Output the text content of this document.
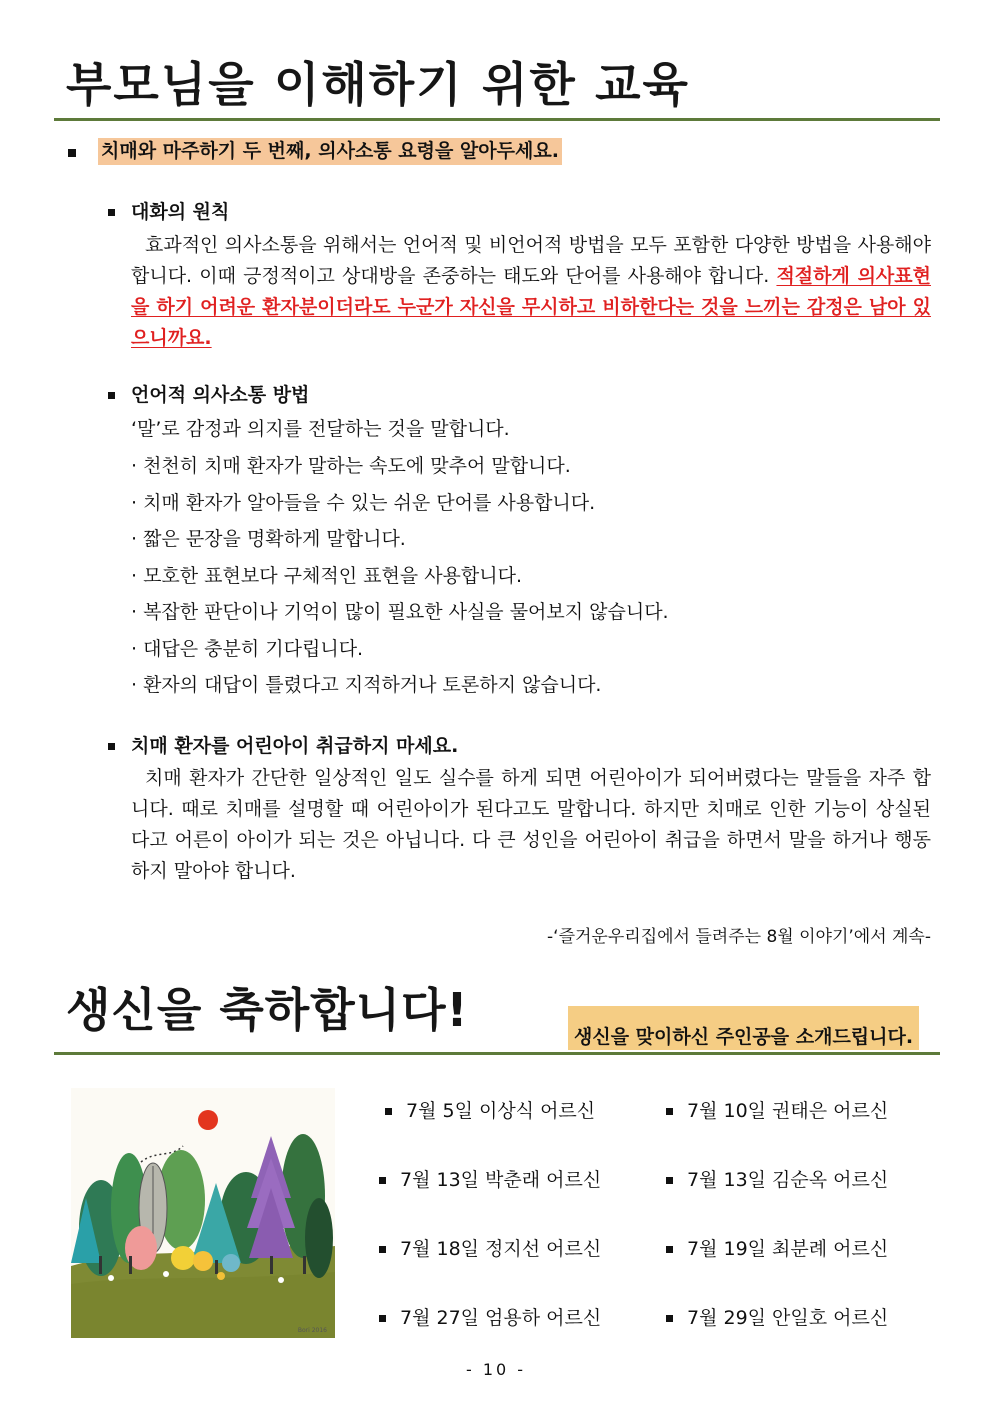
부모님을 이해하기 위한 교육
치매와 마주하기 두 번째, 의사소통 요령을 알아두세요.
대화의 원칙
효과적인 의사소통을 위해서는 언어적 및 비언어적 방법을 모두 포함한 다양한 방법을 사용해야 합니다. 이때 긍정적이고 상대방을 존중하는 태도와 단어를 사용해야 합니다. 적절하게 의사표현을 하기 어려운 환자분이더라도 누군가 자신을 무시하고 비하한다는 것을 느끼는 감정은 남아 있으니까요.
언어적 의사소통 방법
‘말’로 감정과 의지를 전달하는 것을 말합니다.
· 천천히 치매 환자가 말하는 속도에 맞추어 말합니다.
· 치매 환자가 알아들을 수 있는 쉬운 단어를 사용합니다.
· 짧은 문장을 명확하게 말합니다.
· 모호한 표현보다 구체적인 표현을 사용합니다.
· 복잡한 판단이나 기억이 많이 필요한 사실을 물어보지 않습니다.
· 대답은 충분히 기다립니다.
· 환자의 대답이 틀렸다고 지적하거나 토론하지 않습니다.
치매 환자를 어린아이 취급하지 마세요.
치매 환자가 간단한 일상적인 일도 실수를 하게 되면 어린아이가 되어버렸다는 말들을 자주 합니다. 때로 치매를 설명할 때 어린아이가 된다고도 말합니다. 하지만 치매로 인한 기능이 상실된다고 어른이 아이가 되는 것은 아닙니다. 다 큰 성인을 어린아이 취급을 하면서 말을 하거나 행동하지 말아야 합니다.
-‘즐거운우리집에서 들려주는 8월 이야기’에서 계속-
생신을 축하합니다!	생신을 맞이하신 주인공을 소개드립니다.
Bori 2016
7월 5일 이상식 어르신
7월 13일 박춘래 어르신
7월 18일 정지선 어르신
7월 27일 엄용하 어르신
7월 10일 권태은 어르신
7월 13일 김순옥 어르신
7월 19일 최분례 어르신
7월 29일 안일호 어르신
- 10 -
